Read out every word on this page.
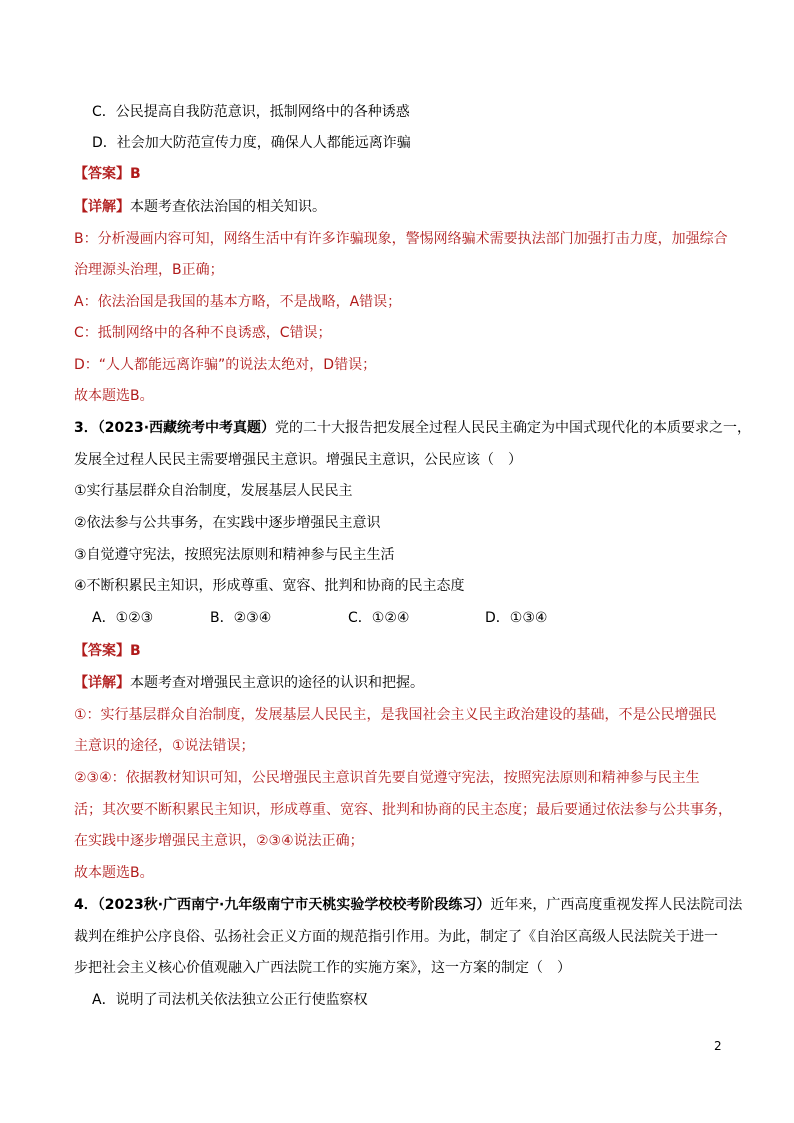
C．公民提高自我防范意识，抵制网络中的各种诱惑
D．社会加大防范宣传力度，确保人人都能远离诈骗
【答案】B
【详解】本题考查依法治国的相关知识。
B：分析漫画内容可知，网络生活中有许多诈骗现象，警惕网络骗术需要执法部门加强打击力度，加强综合
治理源头治理，B正确；
A：依法治国是我国的基本方略，不是战略，A错误；
C：抵制网络中的各种不良诱惑，C错误；
D：“人人都能远离诈骗”的说法太绝对，D错误；
故本题选B。
3．（2023·西藏统考中考真题）党的二十大报告把发展全过程人民民主确定为中国式现代化的本质要求之一，
发展全过程人民民主需要增强民主意识。增强民主意识，公民应该（　）
①实行基层群众自治制度，发展基层人民民主
②依法参与公共事务，在实践中逐步增强民主意识
③自觉遵守宪法，按照宪法原则和精神参与民主生活
④不断积累民主知识，形成尊重、宽容、批判和协商的民主态度
A．①②③	B．②③④	C．①②④	D．①③④
【答案】B
【详解】本题考查对增强民主意识的途径的认识和把握。
①：实行基层群众自治制度，发展基层人民民主，是我国社会主义民主政治建设的基础，不是公民增强民
主意识的途径，①说法错误；
②③④：依据教材知识可知，公民增强民主意识首先要自觉遵守宪法，按照宪法原则和精神参与民主生
活；其次要不断积累民主知识，形成尊重、宽容、批判和协商的民主态度；最后要通过依法参与公共事务，
在实践中逐步增强民主意识，②③④说法正确；
故本题选B。
4．（2023秋·广西南宁·九年级南宁市天桃实验学校校考阶段练习）近年来，广西高度重视发挥人民法院司法
裁判在维护公序良俗、弘扬社会正义方面的规范指引作用。为此，制定了《自治区高级人民法院关于进一
步把社会主义核心价值观融入广西法院工作的实施方案》，这一方案的制定（　）
A．说明了司法机关依法独立公正行使监察权
2
